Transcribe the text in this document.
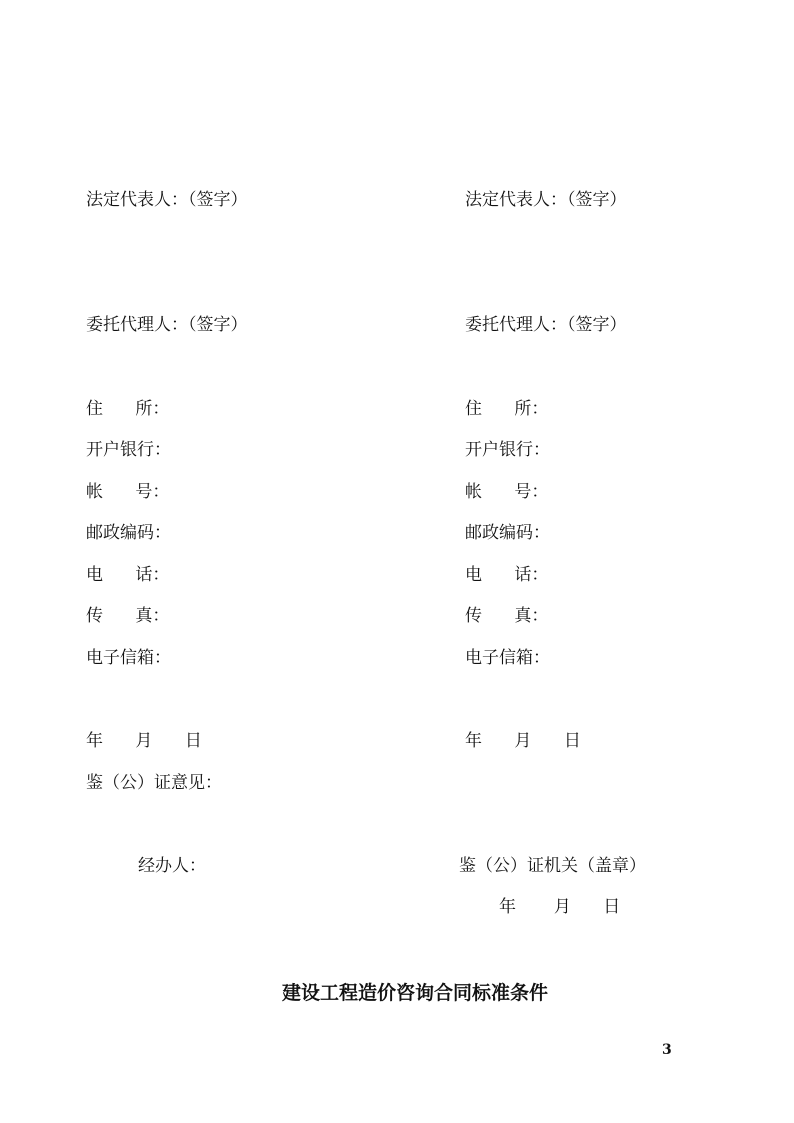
法定代表人：（签字）
委托代理人：（签字）
住      所：
开户银行：
帐      号：
邮政编码：
电      话：
传      真：
电子信箱：
年      月      日
法定代表人：（签字）
委托代理人：（签字）
住      所：
开户银行：
帐      号：
邮政编码：
电      话：
传      真：
电子信箱：
年      月      日
鉴（公）证意见：
经办人：	鉴（公）证机关（盖章）
年       月      日
建设工程造价咨询合同标准条件
3
